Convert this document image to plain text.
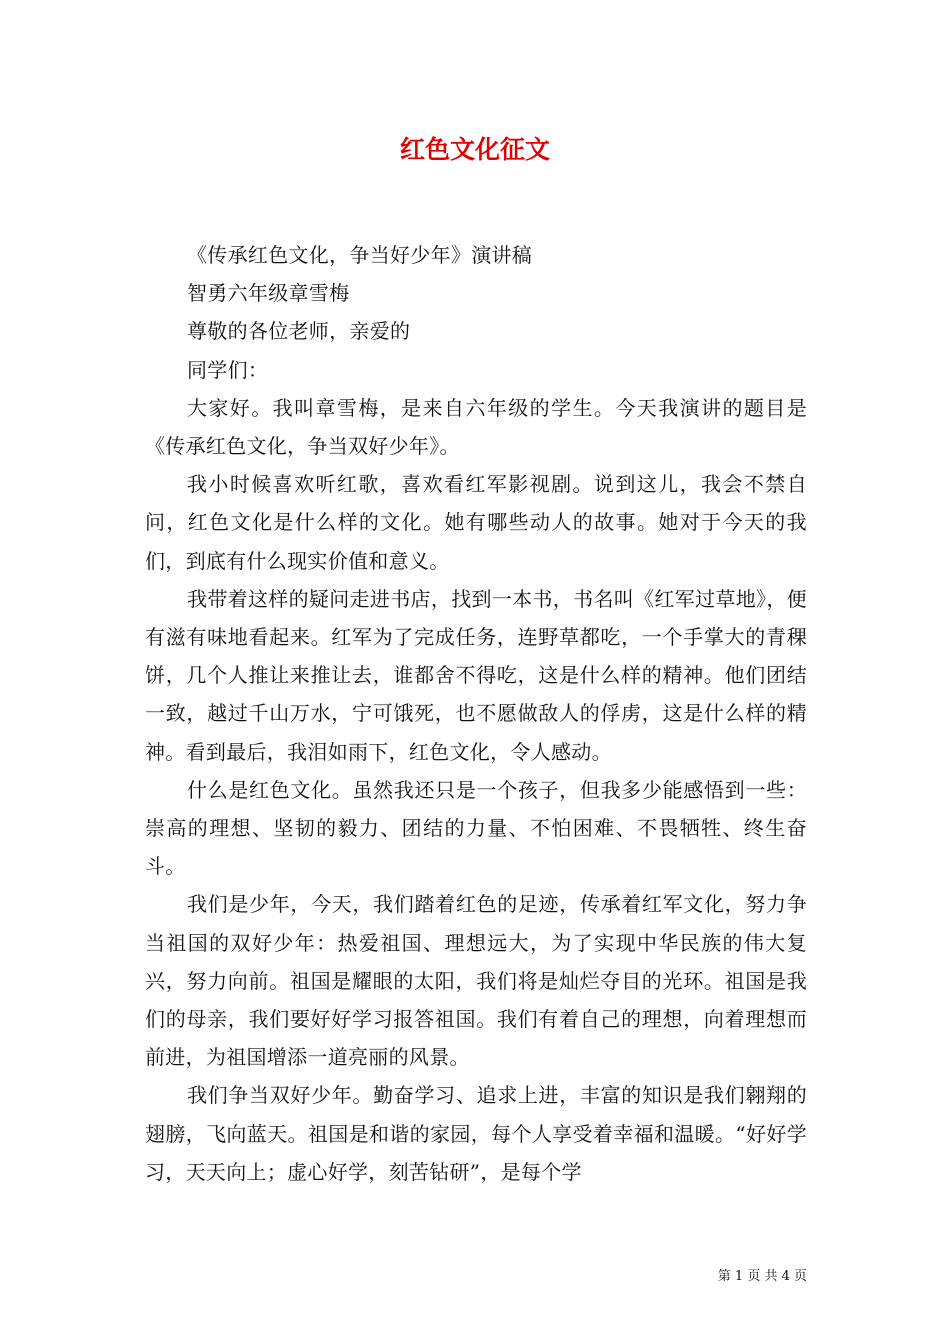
红色文化征文

《传承红色文化，争当好少年》演讲稿

智勇六年级章雪梅

尊敬的各位老师，亲爱的

同学们：

大家好。我叫章雪梅，是来自六年级的学生。今天我演讲的题目是《传承红色文化，争当双好少年》。

我小时候喜欢听红歌，喜欢看红军影视剧。说到这儿，我会不禁自问，红色文化是什么样的文化。她有哪些动人的故事。她对于今天的我们，到底有什么现实价值和意义。

我带着这样的疑问走进书店，找到一本书，书名叫《红军过草地》，便有滋有味地看起来。红军为了完成任务，连野草都吃，一个手掌大的青稞饼，几个人推让来推让去，谁都舍不得吃，这是什么样的精神。他们团结一致，越过千山万水，宁可饿死，也不愿做敌人的俘虏，这是什么样的精神。看到最后，我泪如雨下，红色文化，令人感动。

什么是红色文化。虽然我还只是一个孩子，但我多少能感悟到一些：崇高的理想、坚韧的毅力、团结的力量、不怕困难、不畏牺牲、终生奋斗。

我们是少年，今天，我们踏着红色的足迹，传承着红军文化，努力争当祖国的双好少年：热爱祖国、理想远大，为了实现中华民族的伟大复兴，努力向前。祖国是耀眼的太阳，我们将是灿烂夺目的光环。祖国是我们的母亲，我们要好好学习报答祖国。我们有着自己的理想，向着理想而前进，为祖国增添一道亮丽的风景。

我们争当双好少年。勤奋学习、追求上进，丰富的知识是我们翱翔的翅膀，飞向蓝天。祖国是和谐的家园，每个人享受着幸福和温暖。“好好学习，天天向上；虚心好学，刻苦钻研”，是每个学

第 1 页 共 4 页
